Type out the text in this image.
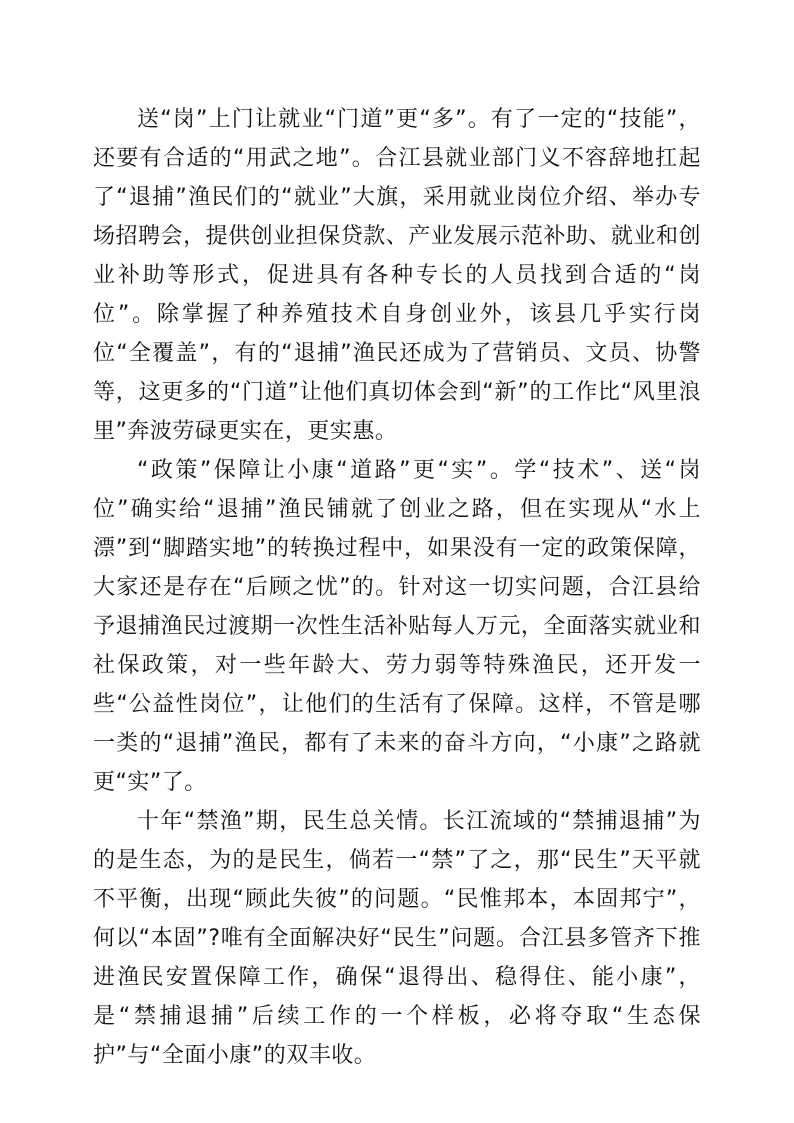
送“岗”上门让就业“门道”更“多”。有了一定的“技能”，还要有合适的“用武之地”。合江县就业部门义不容辞地扛起了“退捕”渔民们的“就业”大旗，采用就业岗位介绍、举办专场招聘会，提供创业担保贷款、产业发展示范补助、就业和创业补助等形式，促进具有各种专长的人员找到合适的“岗位”。除掌握了种养殖技术自身创业外，该县几乎实行岗位“全覆盖”，有的“退捕”渔民还成为了营销员、文员、协警等，这更多的“门道”让他们真切体会到“新”的工作比“风里浪里”奔波劳碌更实在，更实惠。

“政策”保障让小康“道路”更“实”。学“技术”、送“岗位”确实给“退捕”渔民铺就了创业之路，但在实现从“水上漂”到“脚踏实地”的转换过程中，如果没有一定的政策保障，大家还是存在“后顾之忧”的。针对这一切实问题，合江县给予退捕渔民过渡期一次性生活补贴每人万元，全面落实就业和社保政策，对一些年龄大、劳力弱等特殊渔民，还开发一些“公益性岗位”，让他们的生活有了保障。这样，不管是哪一类的“退捕”渔民，都有了未来的奋斗方向，“小康”之路就更“实”了。

十年“禁渔”期，民生总关情。长江流域的“禁捕退捕”为的是生态，为的是民生，倘若一“禁”了之，那“民生”天平就不平衡，出现“顾此失彼”的问题。“民惟邦本，本固邦宁”，何以“本固”?唯有全面解决好“民生”问题。合江县多管齐下推进渔民安置保障工作，确保“退得出、稳得住、能小康”，是“禁捕退捕”后续工作的一个样板，必将夺取“生态保护”与“全面小康”的双丰收。
